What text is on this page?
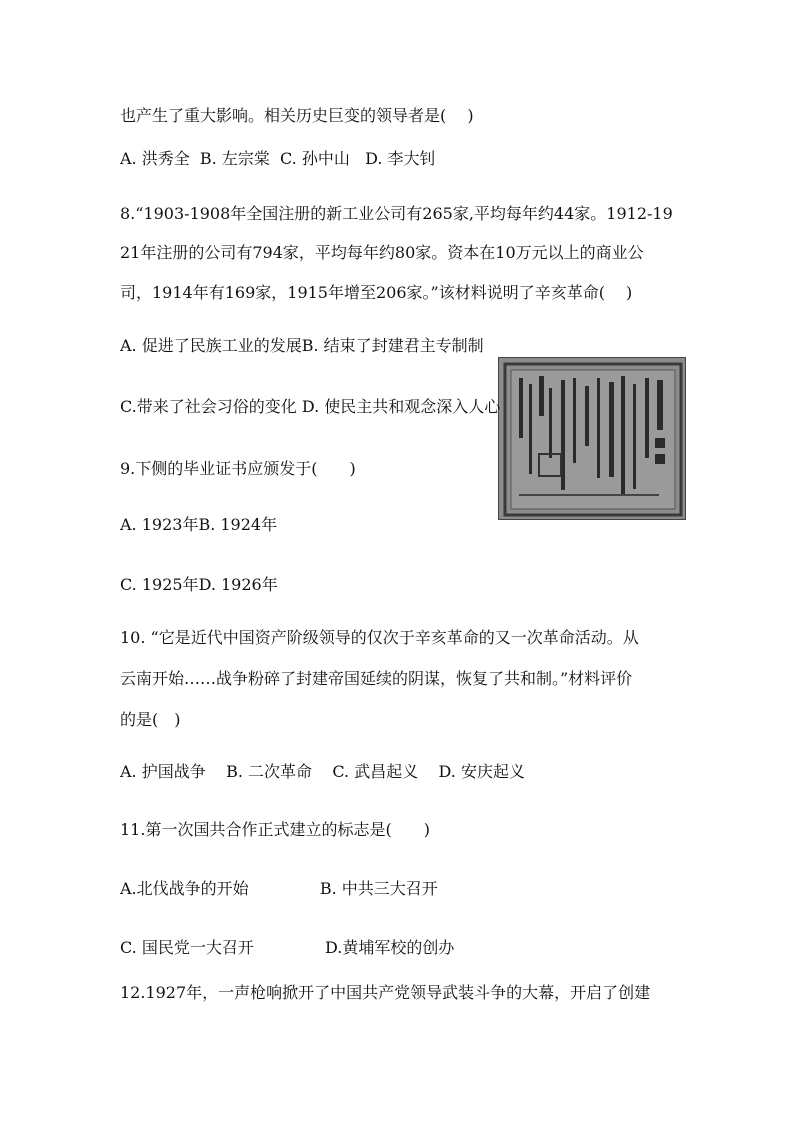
也产生了重大影响。相关历史巨变的领导者是(　 )
A. 洪秀全  B. 左宗棠  C. 孙中山   D. 李大钊
8.“1903-1908年全国注册的新工业公司有265家,平均每年约44家。1912-19
21年注册的公司有794家，平均每年约80家。资本在10万元以上的商业公
司，1914年有169家，1915年增至206家。”该材料说明了辛亥革命(　 )
A. 促进了民族工业的发展B. 结束了封建君主专制制
C.带来了社会习俗的变化 D. 使民主共和观念深入人心
9.下侧的毕业证书应颁发于(　　)
A. 1923年B. 1924年
C. 1925年D. 1926年
10. “它是近代中国资产阶级领导的仅次于辛亥革命的又一次革命活动。从
云南开始……战争粉碎了封建帝国延续的阴谋，恢复了共和制。”材料评价
的是(　)
A. 护国战争    B. 二次革命    C. 武昌起义    D. 安庆起义
11.第一次国共合作正式建立的标志是(　　)
A.北伐战争的开始              B. 中共三大召开
C. 国民党一大召开              D.黄埔军校的创办
12.1927年，一声枪响掀开了中国共产党领导武装斗争的大幕，开启了创建
